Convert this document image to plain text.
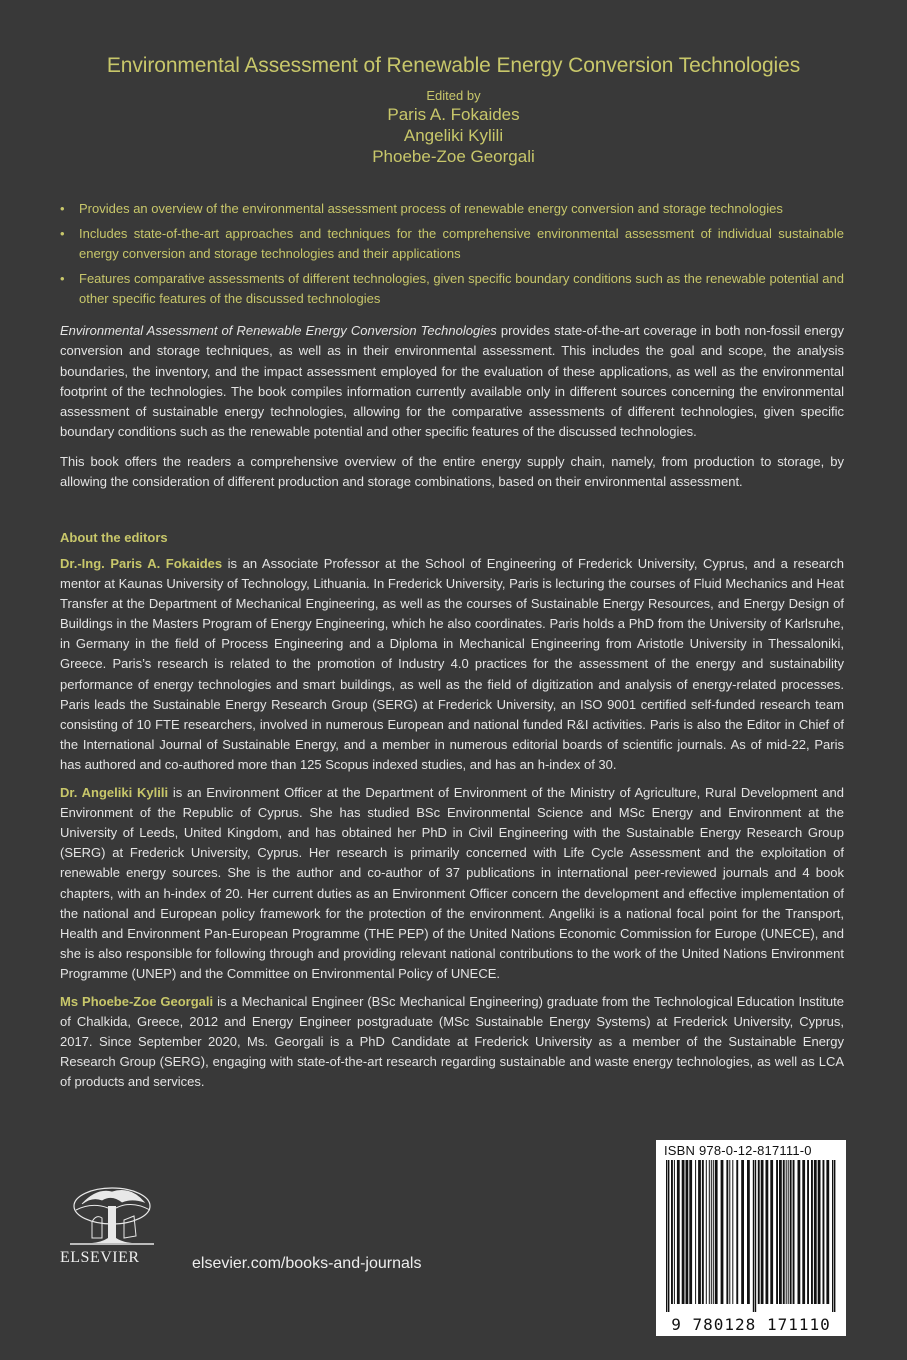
Environmental Assessment of Renewable Energy Conversion Technologies
Edited by
Paris A. Fokaides
Angeliki Kylili
Phoebe-Zoe Georgali
• Provides an overview of the environmental assessment process of renewable energy conversion and storage technologies
• Includes state-of-the-art approaches and techniques for the comprehensive environmental assessment of individual sustainable energy conversion and storage technologies and their applications
• Features comparative assessments of different technologies, given specific boundary conditions such as the renewable potential and other specific features of the discussed technologies

Environmental Assessment of Renewable Energy Conversion Technologies provides state-of-the-art coverage in both non-fossil energy conversion and storage techniques, as well as in their environmental assessment. This includes the goal and scope, the analysis boundaries, the inventory, and the impact assessment employed for the evaluation of these applications, as well as the environmental footprint of the technologies. The book compiles information currently available only in different sources concerning the environmental assessment of sustainable energy technologies, allowing for the comparative assessments of different technologies, given specific boundary conditions such as the renewable potential and other specific features of the discussed technologies.

This book offers the readers a comprehensive overview of the entire energy supply chain, namely, from production to storage, by allowing the consideration of different production and storage combinations, based on their environmental assessment.

About the editors

Dr.-Ing. Paris A. Fokaides is an Associate Professor at the School of Engineering of Frederick University, Cyprus, and a research mentor at Kaunas University of Technology, Lithuania. In Frederick University, Paris is lecturing the courses of Fluid Mechanics and Heat Transfer at the Department of Mechanical Engineering, as well as the courses of Sustainable Energy Resources, and Energy Design of Buildings in the Masters Program of Energy Engineering, which he also coordinates. Paris holds a PhD from the University of Karlsruhe, in Germany in the field of Process Engineering and a Diploma in Mechanical Engineering from Aristotle University in Thessaloniki, Greece. Paris’s research is related to the promotion of Industry 4.0 practices for the assessment of the energy and sustainability performance of energy technologies and smart buildings, as well as the field of digitization and analysis of energy-related processes. Paris leads the Sustainable Energy Research Group (SERG) at Frederick University, an ISO 9001 certified self-funded research team consisting of 10 FTE researchers, involved in numerous European and national funded R&I activities. Paris is also the Editor in Chief of the International Journal of Sustainable Energy, and a member in numerous editorial boards of scientific journals. As of mid-22, Paris has authored and co-authored more than 125 Scopus indexed studies, and has an h-index of 30.

Dr. Angeliki Kylili is an Environment Officer at the Department of Environment of the Ministry of Agriculture, Rural Development and Environment of the Republic of Cyprus. She has studied BSc Environmental Science and MSc Energy and Environment at the University of Leeds, United Kingdom, and has obtained her PhD in Civil Engineering with the Sustainable Energy Research Group (SERG) at Frederick University, Cyprus. Her research is primarily concerned with Life Cycle Assessment and the exploitation of renewable energy sources. She is the author and co-author of 37 publications in international peer-reviewed journals and 4 book chapters, with an h-index of 20. Her current duties as an Environment Officer concern the development and effective implementation of the national and European policy framework for the protection of the environment. Angeliki is a national focal point for the Transport, Health and Environment Pan-European Programme (THE PEP) of the United Nations Economic Commission for Europe (UNECE), and she is also responsible for following through and providing relevant national contributions to the work of the United Nations Environment Programme (UNEP) and the Committee on Environmental Policy of UNECE.

Ms Phoebe-Zoe Georgali is a Mechanical Engineer (BSc Mechanical Engineering) graduate from the Technological Education Institute of Chalkida, Greece, 2012 and Energy Engineer postgraduate (MSc Sustainable Energy Systems) at Frederick University, Cyprus, 2017. Since September 2020, Ms. Georgali is a PhD Candidate at Frederick University as a member of the Sustainable Energy Research Group (SERG), engaging with state-of-the-art research regarding sustainable and waste energy technologies, as well as LCA of products and services.

ELSEVIER	elsevier.com/books-and-journals
ISBN 978-0-12-817111-0
9 780128 171110
